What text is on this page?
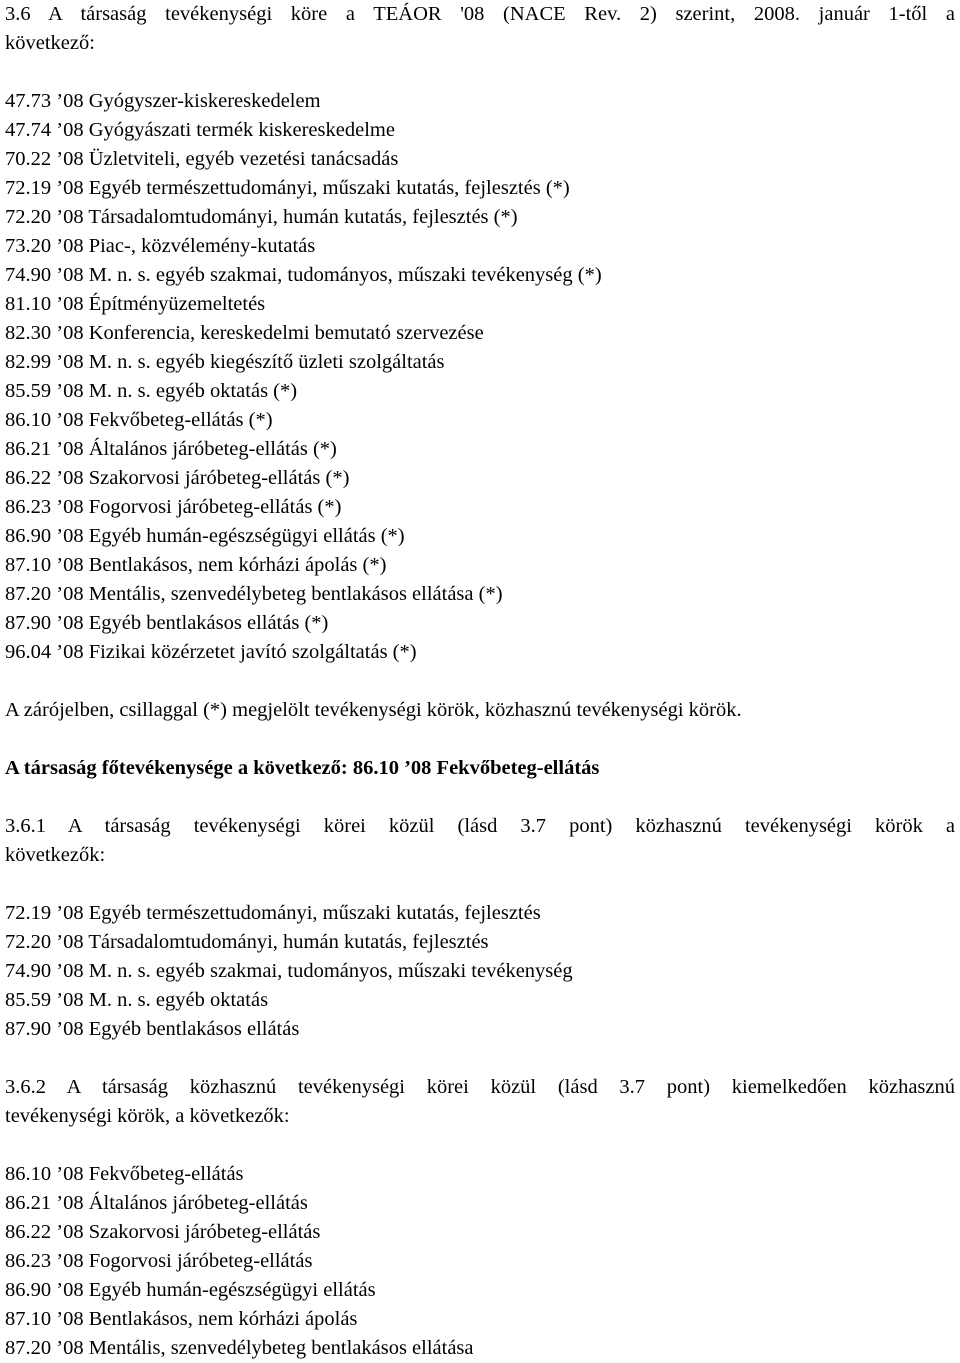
3.6 A társaság tevékenységi köre a TEÁOR '08 (NACE Rev. 2) szerint, 2008. január 1-től a
következő:
47.73 ’08 Gyógyszer-kiskereskedelem
47.74 ’08 Gyógyászati termék kiskereskedelme
70.22 ’08 Üzletviteli, egyéb vezetési tanácsadás
72.19 ’08 Egyéb természettudományi, műszaki kutatás, fejlesztés (*)
72.20 ’08 Társadalomtudományi, humán kutatás, fejlesztés (*)
73.20 ’08 Piac-, közvélemény-kutatás
74.90 ’08 M. n. s. egyéb szakmai, tudományos, műszaki tevékenység (*)
81.10 ’08 Építményüzemeltetés
82.30 ’08 Konferencia, kereskedelmi bemutató szervezése
82.99 ’08 M. n. s. egyéb kiegészítő üzleti szolgáltatás
85.59 ’08 M. n. s. egyéb oktatás (*)
86.10 ’08 Fekvőbeteg-ellátás (*)
86.21 ’08 Általános járóbeteg-ellátás (*)
86.22 ’08 Szakorvosi járóbeteg-ellátás (*)
86.23 ’08 Fogorvosi járóbeteg-ellátás (*)
86.90 ’08 Egyéb humán-egészségügyi ellátás (*)
87.10 ’08 Bentlakásos, nem kórházi ápolás (*)
87.20 ’08 Mentális, szenvedélybeteg bentlakásos ellátása (*)
87.90 ’08 Egyéb bentlakásos ellátás (*)
96.04 ’08 Fizikai közérzetet javító szolgáltatás (*)
A zárójelben, csillaggal (*) megjelölt tevékenységi körök, közhasznú tevékenységi körök.
A társaság főtevékenysége a következő: 86.10 ’08 Fekvőbeteg-ellátás
3.6.1 A társaság tevékenységi körei közül (lásd 3.7 pont) közhasznú tevékenységi körök a
következők:
72.19 ’08 Egyéb természettudományi, műszaki kutatás, fejlesztés
72.20 ’08 Társadalomtudományi, humán kutatás, fejlesztés
74.90 ’08 M. n. s. egyéb szakmai, tudományos, műszaki tevékenység
85.59 ’08 M. n. s. egyéb oktatás
87.90 ’08 Egyéb bentlakásos ellátás
3.6.2 A társaság közhasznú tevékenységi körei közül (lásd 3.7 pont) kiemelkedően közhasznú
tevékenységi körök, a következők:
86.10 ’08 Fekvőbeteg-ellátás
86.21 ’08 Általános járóbeteg-ellátás
86.22 ’08 Szakorvosi járóbeteg-ellátás
86.23 ’08 Fogorvosi járóbeteg-ellátás
86.90 ’08 Egyéb humán-egészségügyi ellátás
87.10 ’08 Bentlakásos, nem kórházi ápolás
87.20 ’08 Mentális, szenvedélybeteg bentlakásos ellátása
